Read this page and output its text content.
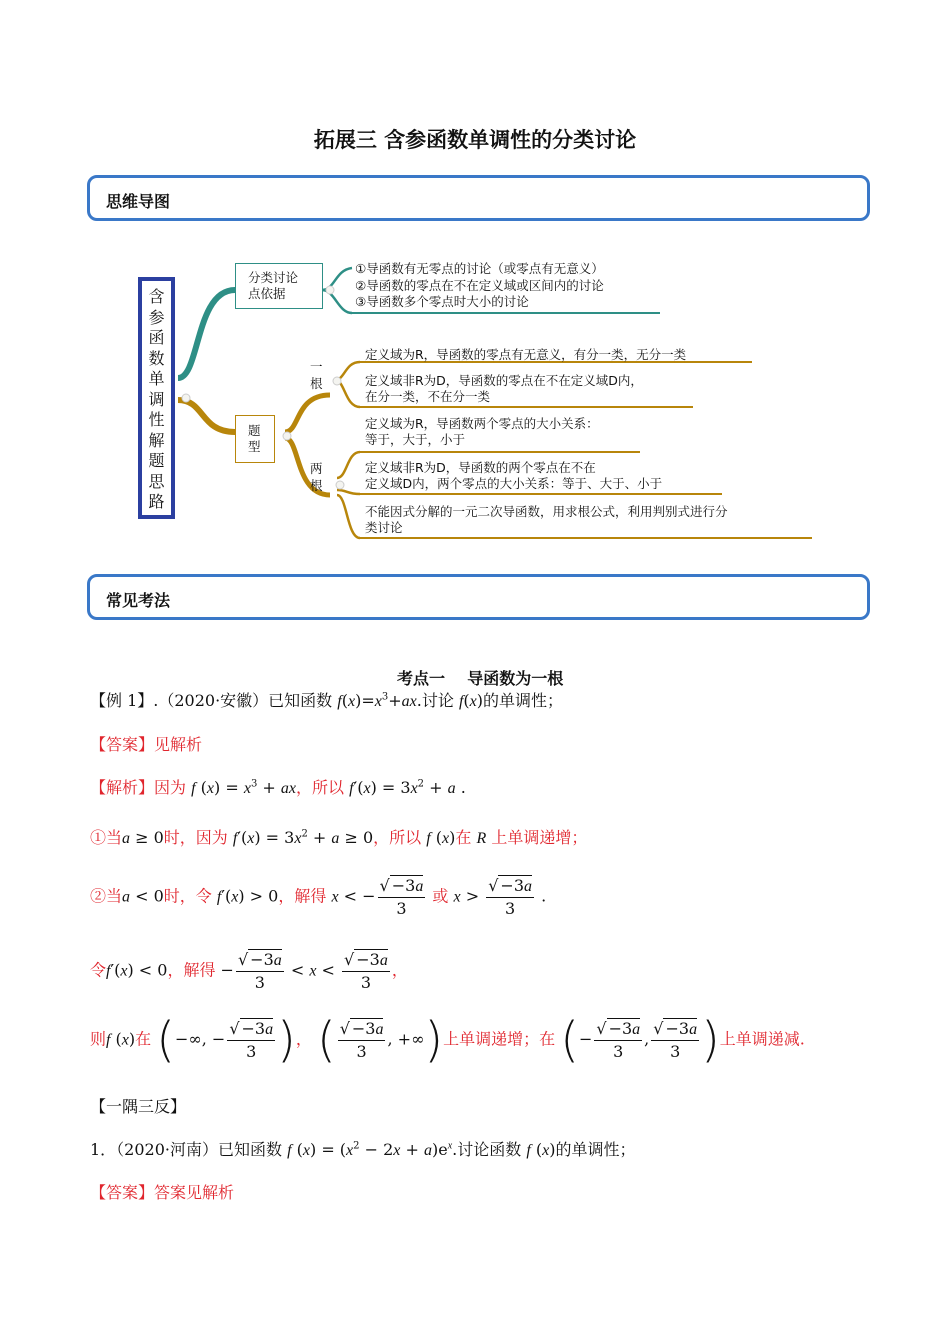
拓展三 含参函数单调性的分类讨论
思维导图
含
参
函
数
单
调
性
解
题
思
路
分类讨论
点依据
①导函数有无零点的讨论（或零点有无意义）
②导函数的零点在不在定义域或区间内的讨论
③导函数多个零点时大小的讨论
题
型
一
根
定义域为R，导函数的零点有无意义，有分一类，无分一类
定义域非R为D，导函数的零点在不在定义域D内，
在分一类，不在分一类
两
根
定义域为R，导函数两个零点的大小关系：
等于，大于，小于
定义域非R为D，导函数的两个零点在不在
定义域D内，两个零点的大小关系：等于、大于、小于
不能因式分解的一元二次导函数，用求根公式，利用判别式进行分
类讨论
常见考法

考点一    导函数为一根

【例 1】.（2020·安徽）已知函数 $f(x)=x^3+ax$.讨论 f(x)的单调性；
【答案】见解析
【解析】因为 f $(x) = x^3$ + ax，所以 $f'(x) = 3x^2 + a$ .
①当a ≥ 0时，因为 $f'(x) = 3x^2 + a \ge 0$，所以 f (x)在 R 上单调递增；
②当a < 0时，令 f′(x) > 0，解得 x < − $\frac{√ -3a}{3}$ 或 $x > \frac{√ -3a}{3}$ .
令f′(x) < 0，解得 − $\frac{√ -3a}{3} < x < \frac{√ -3a}{3}$ ，
则f (x)在 (−∞, − $\frac{√ -3a}{3}$ )， ( $\frac{√ -3a}{3}$ , +∞)上单调递增；在 (− $\frac{√ -3a}{3}$ , $\frac{√ -3a}{3}$ )上单调递减.
【一隅三反】
1．（2020·河南）已知函数 f $(x) = (x^2 - 2x + a)e^x$.讨论函数 f (x)的单调性；
【答案】答案见解析
